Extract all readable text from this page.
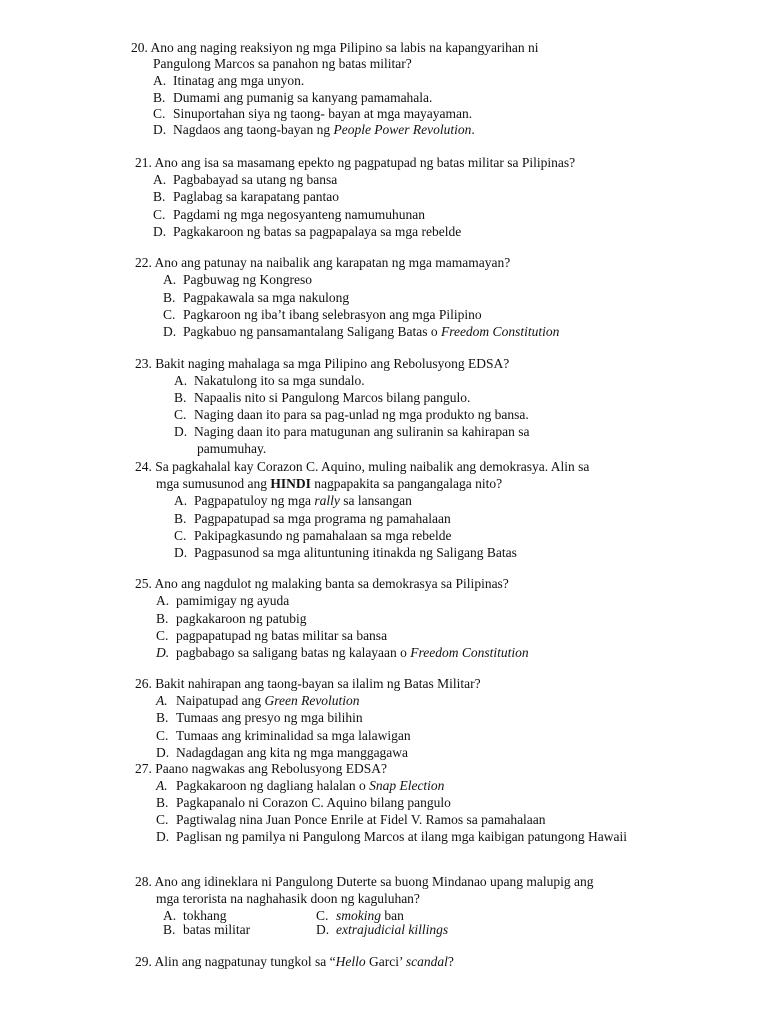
20. Ano ang naging reaksiyon ng mga Pilipino sa labis na kapangyarihan ni
Pangulong Marcos sa panahon ng batas militar?
A. Itinatag ang mga unyon.
B. Dumami ang pumanig sa kanyang pamamahala.
C. Sinuportahan siya ng taong- bayan at mga mayayaman.
D. Nagdaos ang taong-bayan ng People Power Revolution.
21. Ano ang isa sa masamang epekto ng pagpatupad ng batas militar sa Pilipinas?
A. Pagbabayad sa utang ng bansa
B. Paglabag sa karapatang pantao
C. Pagdami ng mga negosyanteng namumuhunan
D. Pagkakaroon ng batas sa pagpapalaya sa mga rebelde
22. Ano ang patunay na naibalik ang karapatan ng mga mamamayan?
A. Pagbuwag ng Kongreso
B. Pagpakawala sa mga nakulong
C. Pagkaroon ng iba’t ibang selebrasyon ang mga Pilipino
D. Pagkabuo ng pansamantalang Saligang Batas o Freedom Constitution
23. Bakit naging mahalaga sa mga Pilipino ang Rebolusyong EDSA?
A. Nakatulong ito sa mga sundalo.
B. Napaalis nito si Pangulong Marcos bilang pangulo.
C. Naging daan ito para sa pag-unlad ng mga produkto ng bansa.
D. Naging daan ito para matugunan ang suliranin sa kahirapan sa
pamumuhay.
24. Sa pagkahalal kay Corazon C. Aquino, muling naibalik ang demokrasya. Alin sa
mga sumusunod ang HINDI nagpapakita sa pangangalaga nito?
A. Pagpapatuloy ng mga rally sa lansangan
B. Pagpapatupad sa mga programa ng pamahalaan
C. Pakipagkasundo ng pamahalaan sa mga rebelde
D. Pagpasunod sa mga alituntuning itinakda ng Saligang Batas
25. Ano ang nagdulot ng malaking banta sa demokrasya sa Pilipinas?
A. pamimigay ng ayuda
B. pagkakaroon ng patubig
C. pagpapatupad ng batas militar sa bansa
D. pagbabago sa saligang batas ng kalayaan o Freedom Constitution
26. Bakit nahirapan ang taong-bayan sa ilalim ng Batas Militar?
A. Naipatupad ang Green Revolution
B. Tumaas ang presyo ng mga bilihin
C. Tumaas ang kriminalidad sa mga lalawigan
D. Nadagdagan ang kita ng mga manggagawa
27. Paano nagwakas ang Rebolusyong EDSA?
A. Pagkakaroon ng dagliang halalan o Snap Election
B. Pagkapanalo ni Corazon C. Aquino bilang pangulo
C. Pagtiwalag nina Juan Ponce Enrile at Fidel V. Ramos sa pamahalaan
D. Paglisan ng pamilya ni Pangulong Marcos at ilang mga kaibigan patungong Hawaii
28. Ano ang idineklara ni Pangulong Duterte sa buong Mindanao upang malupig ang
mga terorista na naghahasik doon ng kaguluhan?
A. tokhang	C. smoking ban
B. batas militar	D. extrajudicial killings
29. Alin ang nagpatunay tungkol sa “Hello Garci’ scandal?
